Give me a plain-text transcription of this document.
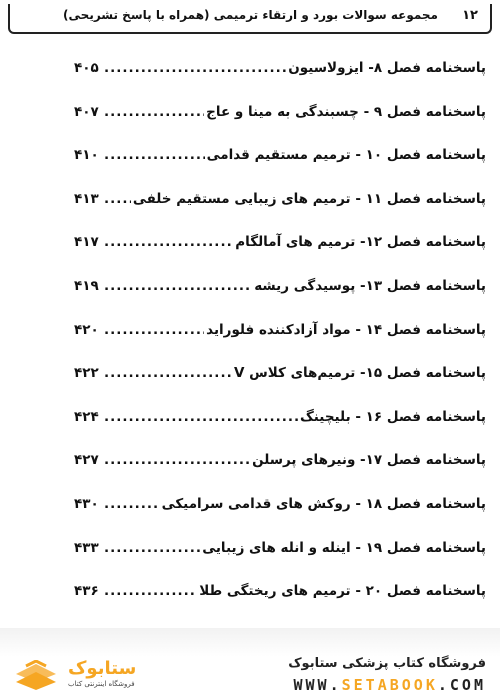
۱۲
مجموعه سوالات بورد و ارتقاء ترمیمی (همراه با پاسخ تشریحی)
پاسخنامه فصل ۸- ایزولاسیون
.....
۴۰۵
پاسخنامه فصل ۹ - چسبندگی به مینا و عاج
.....
۴۰۷
پاسخنامه فصل ۱۰ - ترمیم مستقیم قدامی
.....
۴۱۰
پاسخنامه فصل ۱۱ - ترمیم های زیبایی مستقیم خلفی
.....
۴۱۳
پاسخنامه فصل ۱۲- ترمیم های آمالگام
.....
۴۱۷
پاسخنامه فصل ۱۳- پوسیدگی ریشه
.....
۴۱۹
پاسخنامه فصل ۱۴ - مواد آزادکننده فلوراید
.....
۴۲۰
پاسخنامه فصل ۱۵- ترمیم‌های کلاس V
.....
۴۲۲
پاسخنامه فصل ۱۶ - بلیچینگ
.....
۴۲۴
پاسخنامه فصل ۱۷- ونیرهای پرسلن
.....
۴۲۷
پاسخنامه فصل ۱۸ - روکش های قدامی سرامیکی
.....
۴۳۰
پاسخنامه فصل ۱۹ - اینله و انله های زیبایی
.....
۴۳۳
پاسخنامه فصل ۲۰ - ترمیم های ریختگی طلا
.....
۴۳۶
.....
ستابوک
فروشگاه اینترنتی کتاب
فروشگاه کتاب پزشکی ستابوک
WWW.SETABOOK.COM
